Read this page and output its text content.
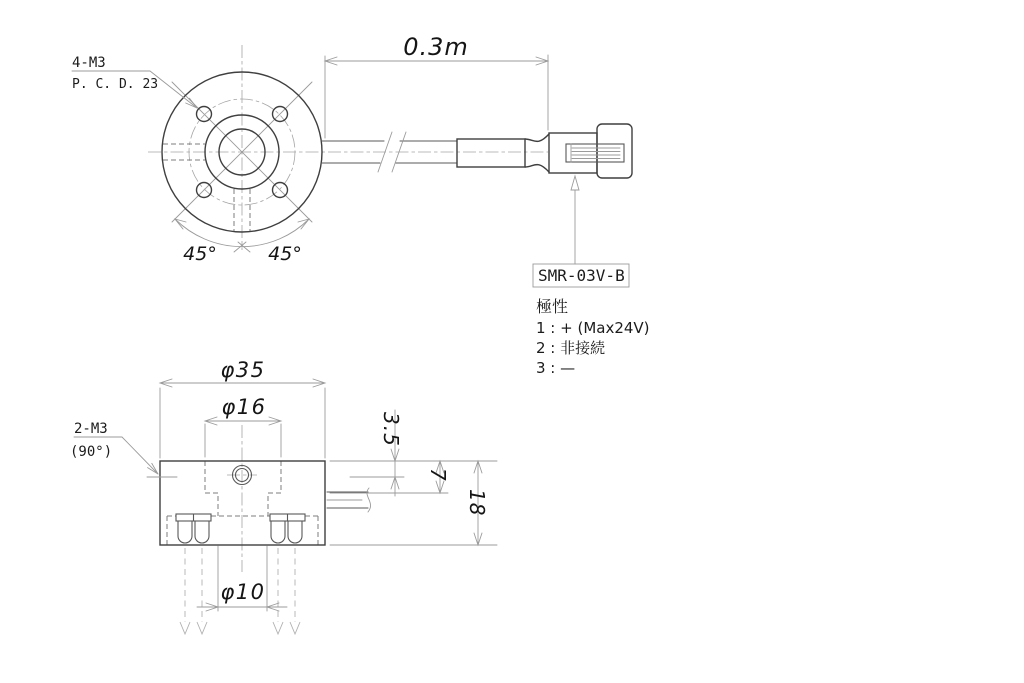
4-M3
P. C. D. 23
45°	45°
0.3m
SMR-03V-B
極性
1 : + (Max24V)
2 : 非接続
3 : —
φ35
φ16
φ10
3.5
7
18
2-M3
(90°)
